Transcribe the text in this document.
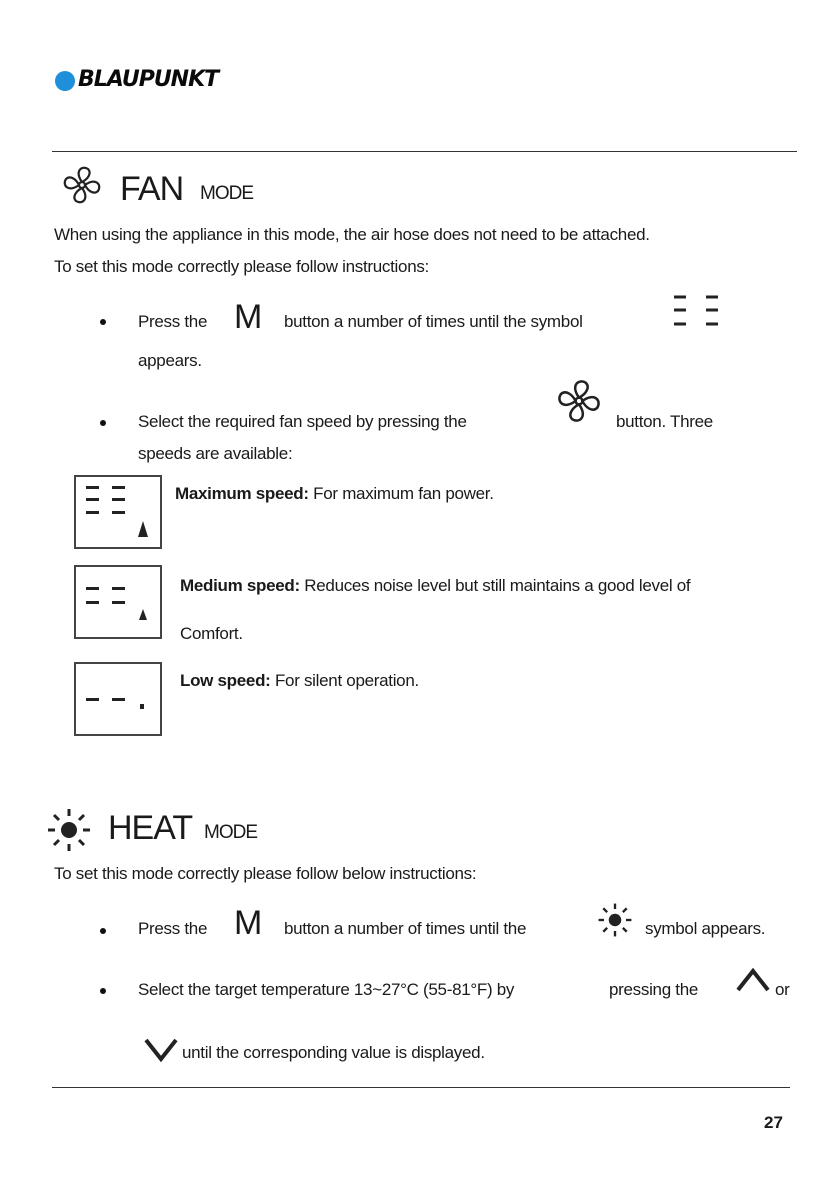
BLAUPUNKT
FAN MODE
When using the appliance in this mode, the air hose does not need to be attached.
To set this mode correctly please follow instructions:
Press the M button a number of times until the symbol
appears.
Select the required fan speed by pressing the	button. Three
speeds are available:
Maximum speed: For maximum fan power.
Medium speed: Reduces noise level but still maintains a good level of
Comfort.
Low speed: For silent operation.
HEAT MODE
To set this mode correctly please follow below instructions:
Press the M button a number of times until the	symbol appears.
Select the target temperature 13~27°C (55-81°F) by	pressing the	or
until the corresponding value is displayed.
27
